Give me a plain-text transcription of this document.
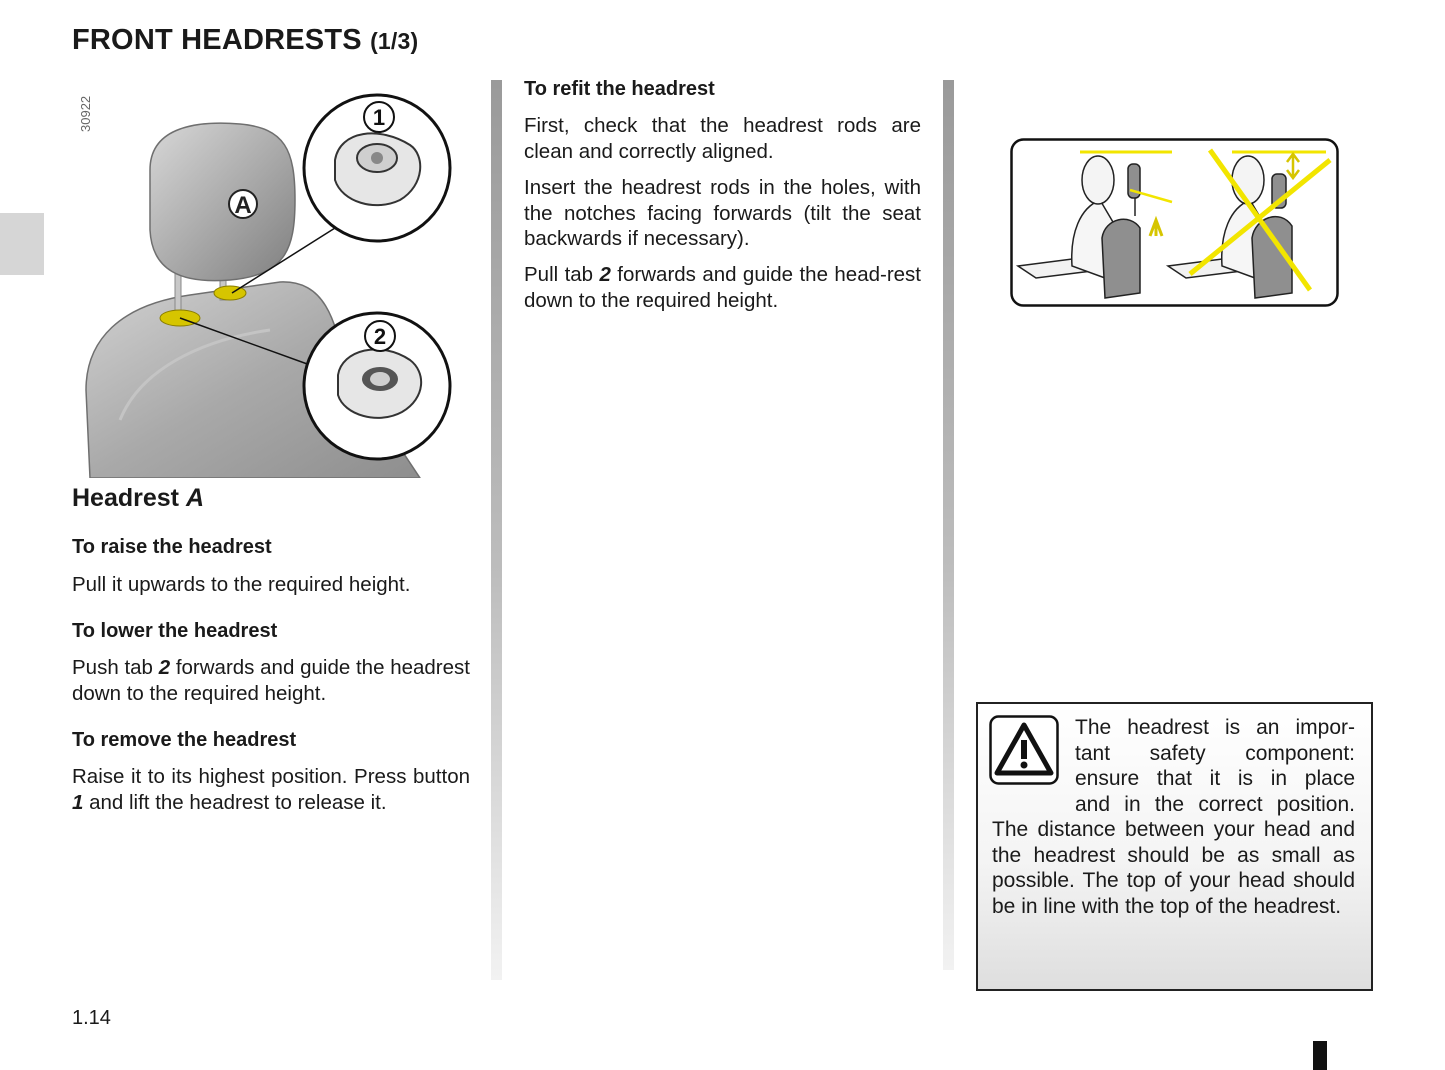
FRONT HEADRESTS (1/3)
30922
A
1
2
Headrest A
To raise the headrest
Pull it upwards to the required height.
To lower the headrest
Push tab 2 forwards and guide the headrest down to the required height.
To remove the headrest
Raise it to its highest position. Press button 1 and lift the headrest to release it.
To refit the headrest
First, check that the headrest rods are clean and correctly aligned.
Insert the headrest rods in the holes, with the notches facing forwards (tilt the seat backwards if necessary).
Pull tab 2 forwards and guide the head-rest down to the required height.
The headrest is an impor-
tant safety component:
ensure that it is in place
and in the correct position.
The distance between your head and the headrest should be as small as possible. The top of your head should be in line with the top of the headrest.
1.14
